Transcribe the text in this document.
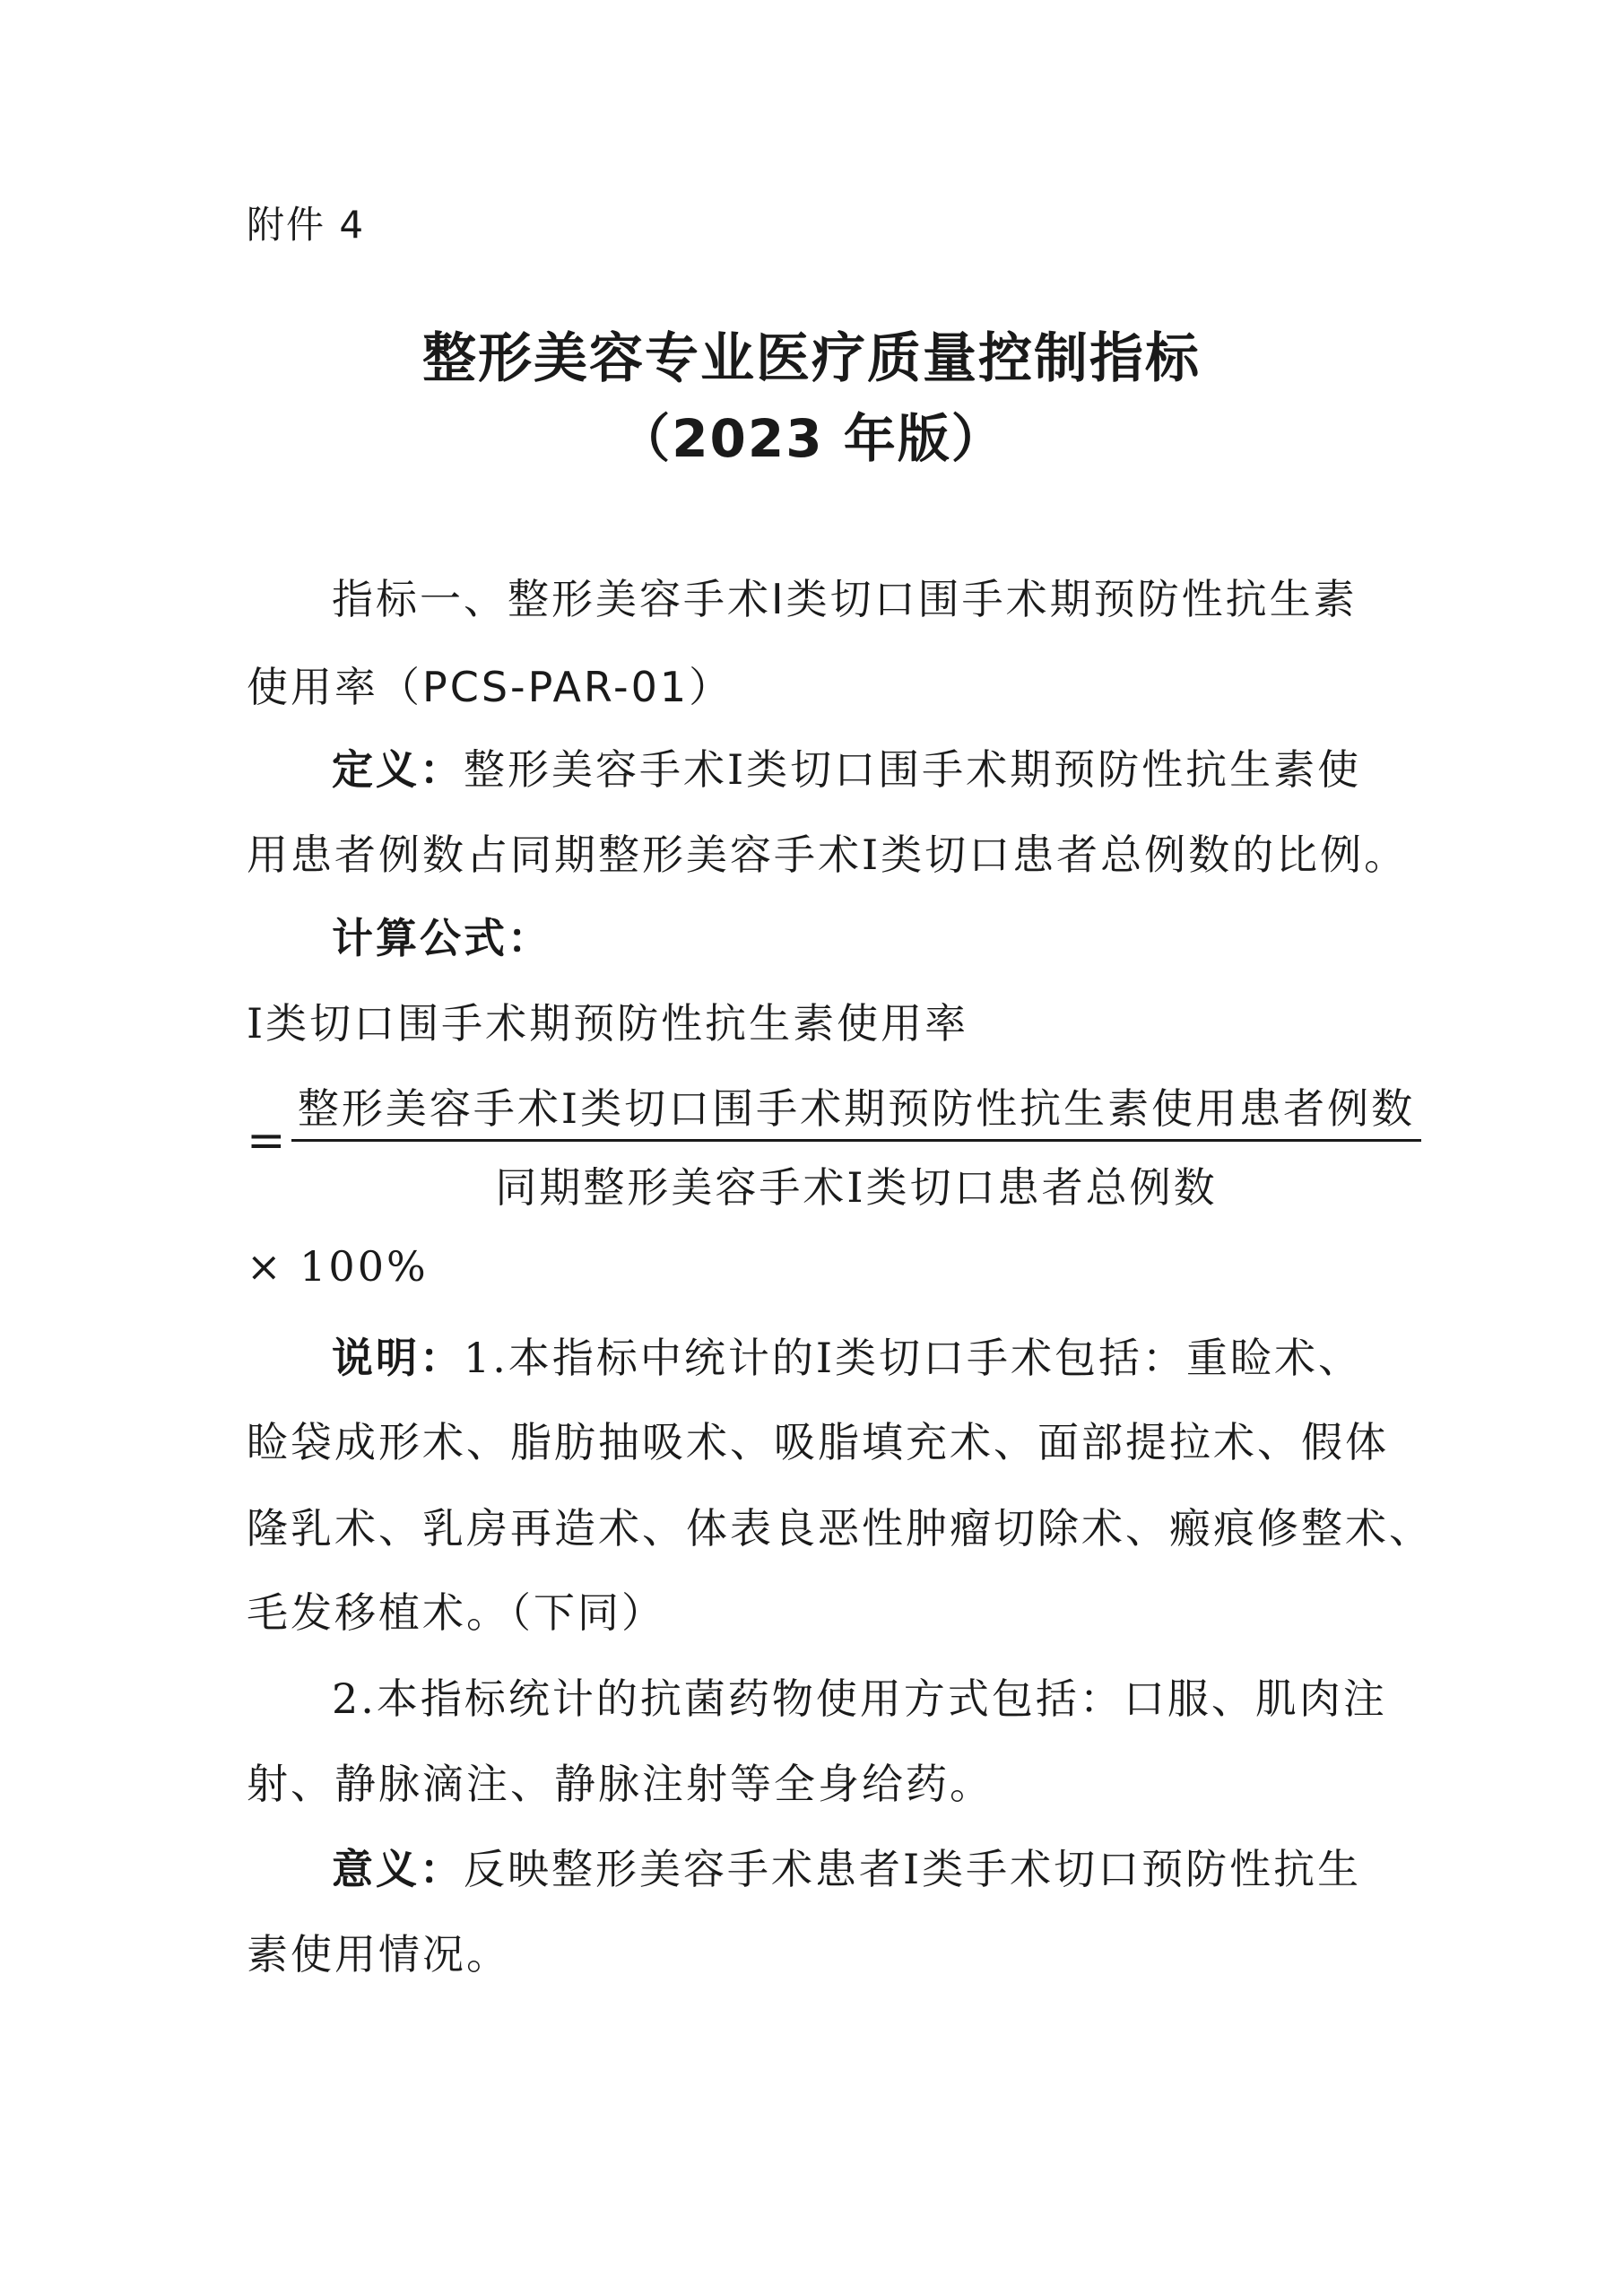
附件 4
整形美容专业医疗质量控制指标
（2023 年版）
指标一、整形美容手术Ⅰ类切口围手术期预防性抗生素
使用率（PCS-PAR-01）
定义：整形美容手术Ⅰ类切口围手术期预防性抗生素使
用患者例数占同期整形美容手术Ⅰ类切口患者总例数的比例。
计算公式：
Ⅰ类切口围手术期预防性抗生素使用率
=
整形美容手术Ⅰ类切口围手术期预防性抗生素使用患者例数
同期整形美容手术Ⅰ类切口患者总例数
× 100%
说明：1.本指标中统计的Ⅰ类切口手术包括：重睑术、
睑袋成形术、脂肪抽吸术、吸脂填充术、面部提拉术、假体
隆乳术、乳房再造术、体表良恶性肿瘤切除术、瘢痕修整术、
毛发移植术。（下同）
2.本指标统计的抗菌药物使用方式包括：口服、肌肉注
射、静脉滴注、静脉注射等全身给药。
意义：反映整形美容手术患者Ⅰ类手术切口预防性抗生
素使用情况。
